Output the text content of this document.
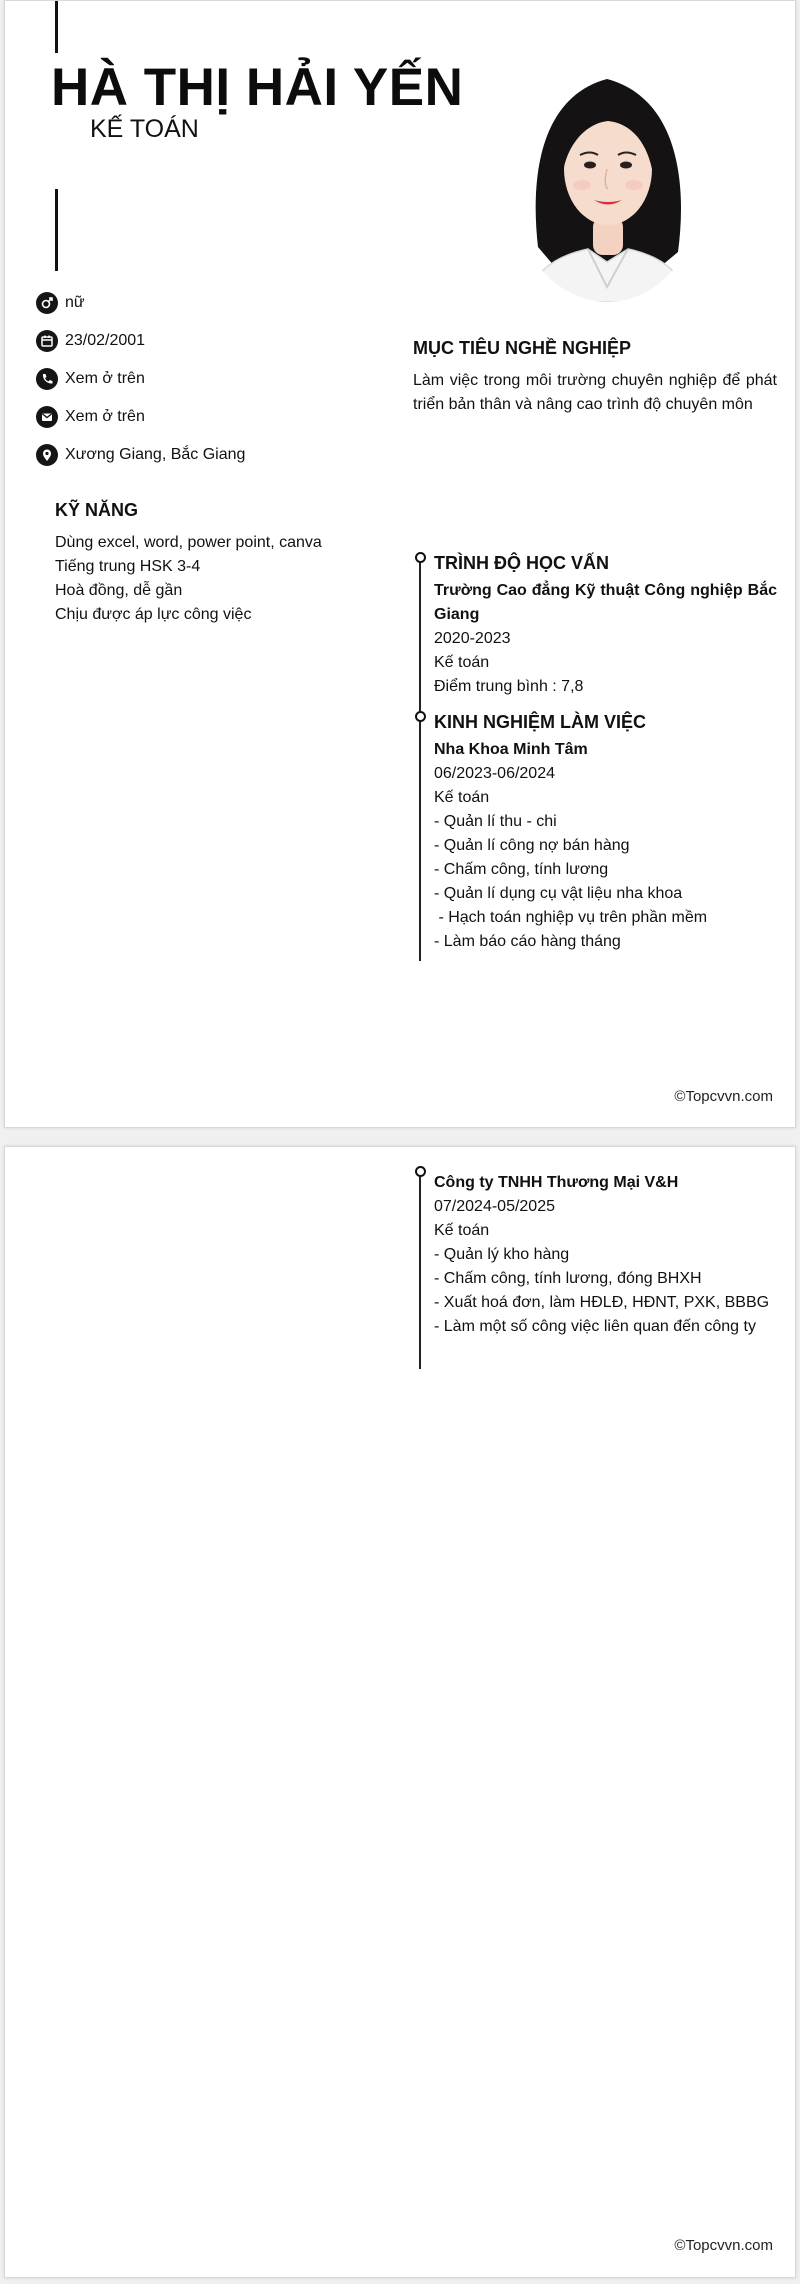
HÀ THỊ HẢI YẾN
KẾ TOÁN
nữ
23/02/2001
Xem ở trên
Xem ở trên
Xương Giang, Bắc Giang
KỸ NĂNG
Dùng excel, word, power point, canva
Tiếng trung HSK 3-4
Hoà đồng, dễ gần
Chịu được áp lực công việc
MỤC TIÊU NGHỀ NGHIỆP
Làm việc trong môi trường chuyên nghiệp để phát triển bản thân và nâng cao trình độ chuyên môn
TRÌNH ĐỘ HỌC VẤN
Trường Cao đẳng Kỹ thuật Công nghiệp Bắc Giang
2020-2023
Kế toán
Điểm trung bình : 7,8
KINH NGHIỆM LÀM VIỆC
Nha Khoa Minh Tâm
06/2023-06/2024
Kế toán
- Quản lí thu - chi
- Quản lí công nợ bán hàng
- Chấm công, tính lương
- Quản lí dụng cụ vật liệu nha khoa
- Hạch toán nghiệp vụ trên phần mềm
- Làm báo cáo hàng tháng
©Topcvvn.com
Công ty TNHH Thương Mại V&H
07/2024-05/2025
Kế toán
- Quản lý kho hàng
- Chấm công, tính lương, đóng BHXH
- Xuất hoá đơn, làm HĐLĐ, HĐNT, PXK, BBBG
- Làm một số công việc liên quan đến công ty
©Topcvvn.com
